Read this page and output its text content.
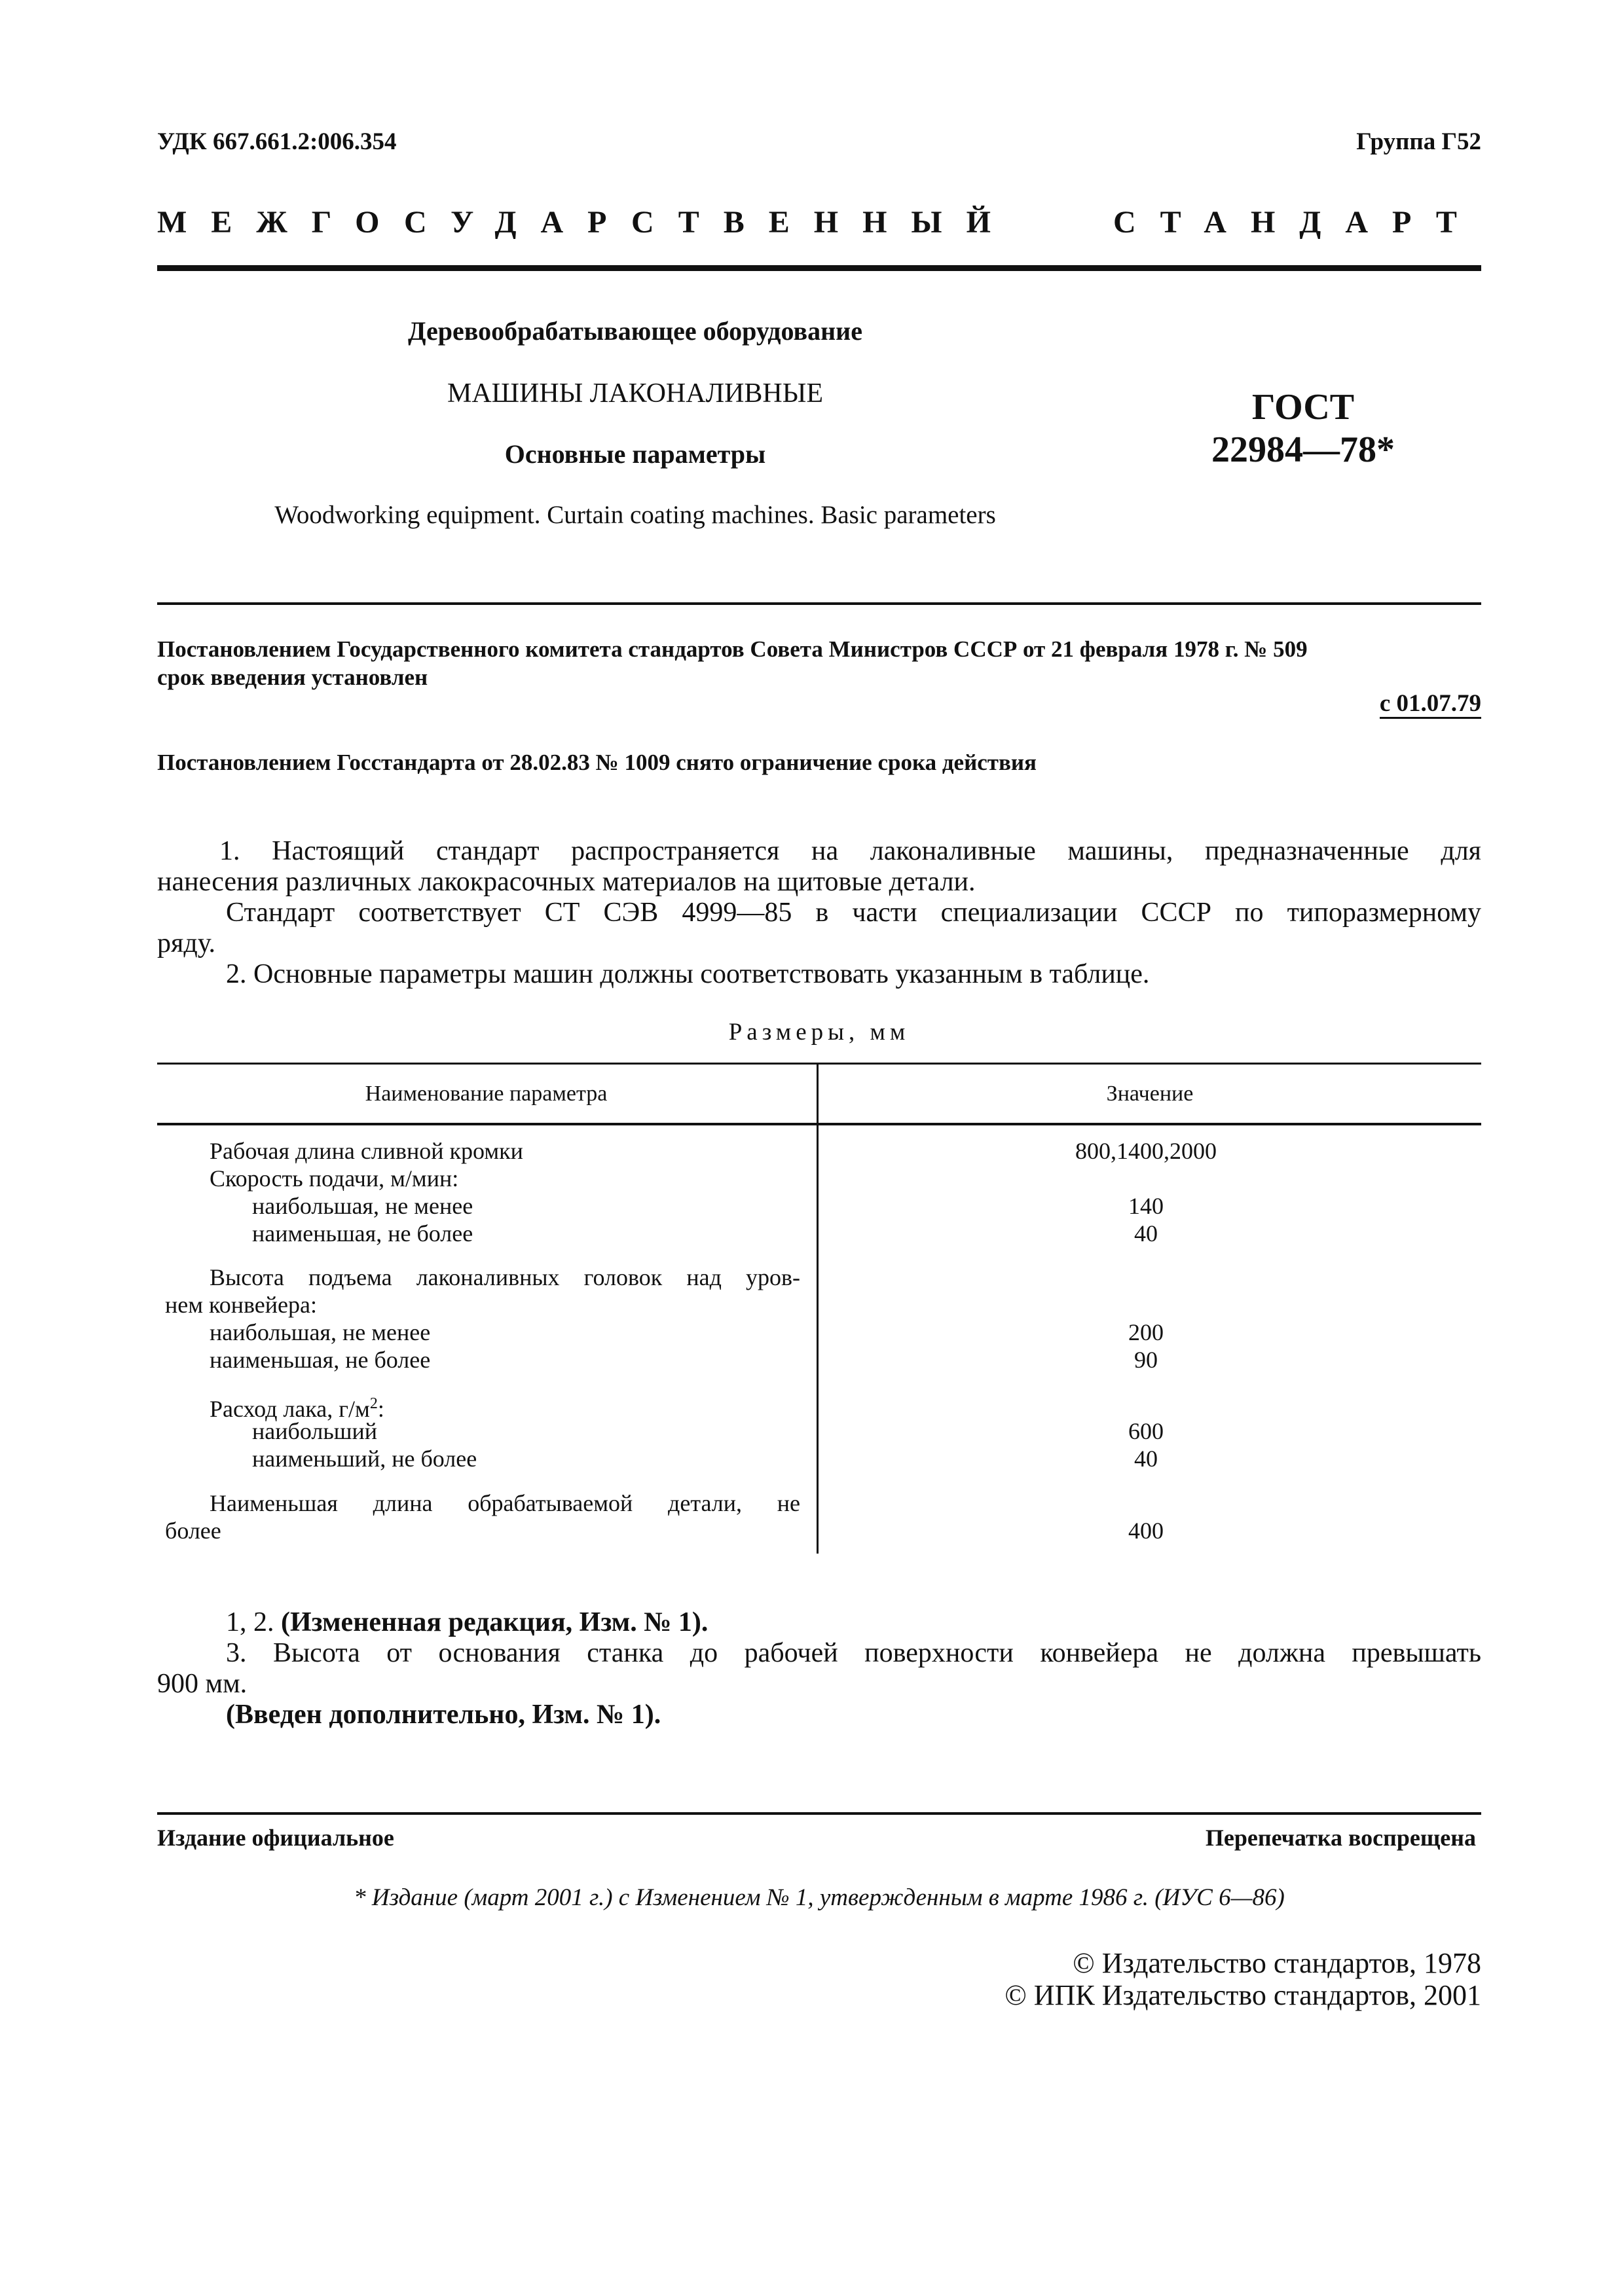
УДК 667.661.2:006.354	Группа Г52
МЕЖГОСУДАРСТВЕННЫЙ	СТАНДАРТ
Деревообрабатывающее оборудование
МАШИНЫ ЛАКОНАЛИВНЫЕ
Основные параметры
Woodworking equipment. Curtain coating machines. Basic parameters
ГОСТ
22984—78*
Постановлением Государственного комитета стандартов Совета Министров СССР от 21 февраля 1978 г. № 509
срок введения установлен
с 01.07.79
Постановлением Госстандарта от 28.02.83 № 1009 снято ограничение срока действия
1. Настоящий стандарт распространяется на лаконаливные машины, предназначенные для
нанесения различных лакокрасочных материалов на щитовые детали.
Стандарт соответствует СТ СЭВ 4999—85 в части специализации СССР по типоразмерному
ряду.
2. Основные параметры машин должны соответствовать указанным в таблице.
Размеры, мм
Наименование параметра	Значение
Рабочая длина сливной кромки	800,1400,2000
Скорость подачи, м/мин:
наибольшая, не менее	140
наименьшая, не более	40
Высота подъема лаконаливных головок над уров-
нем конвейера:
наибольшая, не менее	200
наименьшая, не более	90
Расход лака, $г/м^2$:
наибольший	600
наименьший, не более	40
Наименьшая длина обрабатываемой детали, не
более	400
1, 2. (Измененная редакция, Изм. № 1).
3. Высота от основания станка до рабочей поверхности конвейера не должна превышать
900 мм.
(Введен дополнительно, Изм. № 1).
Издание официальное	Перепечатка воспрещена
* Издание (март 2001 г.) с Изменением № 1, утвержденным в марте 1986 г. (ИУС 6—86)
© Издательство стандартов, 1978
© ИПК Издательство стандартов, 2001
